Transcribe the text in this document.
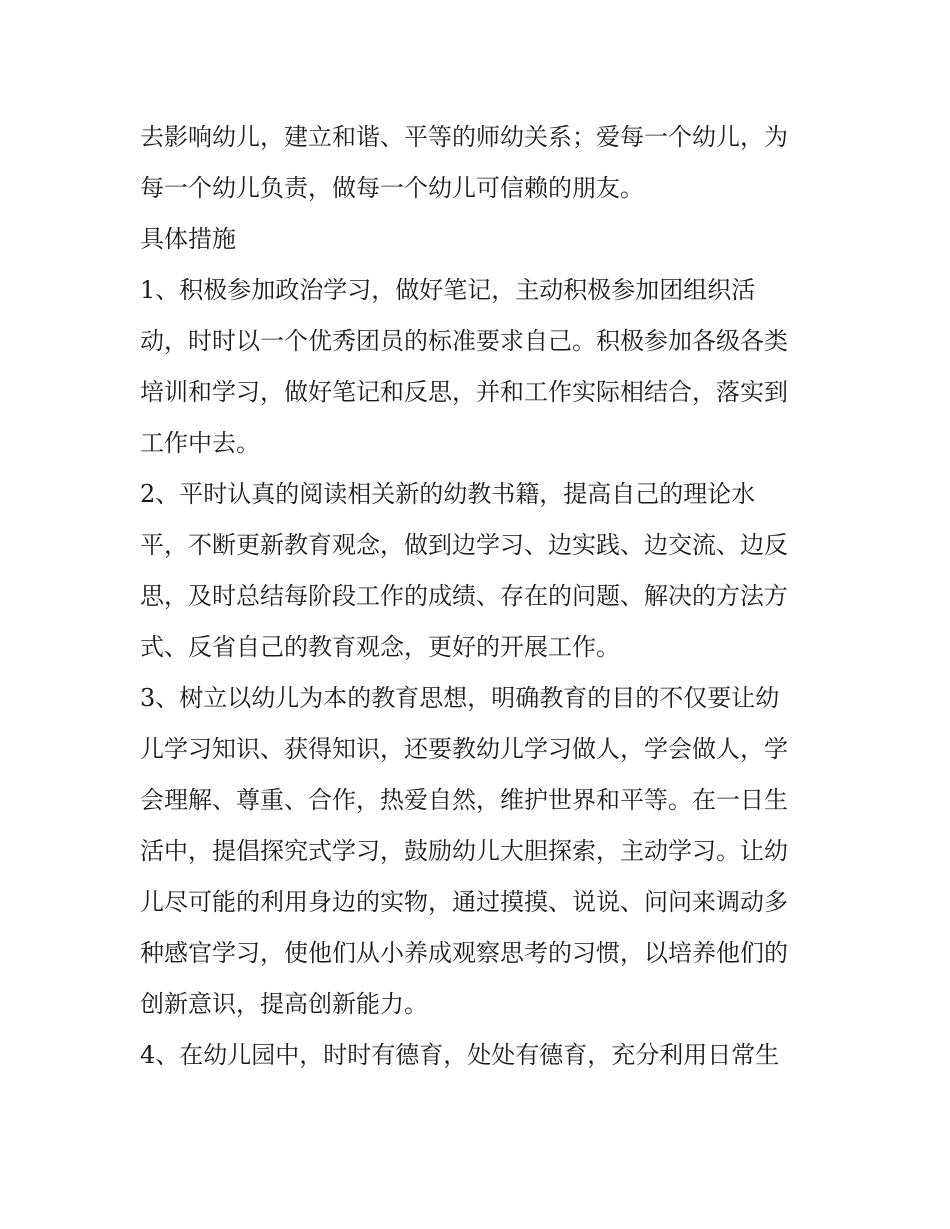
去影响幼儿，建立和谐、平等的师幼关系；爱每一个幼儿，为
每一个幼儿负责，做每一个幼儿可信赖的朋友。
具体措施
1、积极参加政治学习，做好笔记，主动积极参加团组织活
动，时时以一个优秀团员的标准要求自己。积极参加各级各类
培训和学习，做好笔记和反思，并和工作实际相结合，落实到
工作中去。
2、平时认真的阅读相关新的幼教书籍，提高自己的理论水
平，不断更新教育观念，做到边学习、边实践、边交流、边反
思，及时总结每阶段工作的成绩、存在的问题、解决的方法方
式、反省自己的教育观念，更好的开展工作。
3、树立以幼儿为本的教育思想，明确教育的目的不仅要让幼
儿学习知识、获得知识，还要教幼儿学习做人，学会做人，学
会理解、尊重、合作，热爱自然，维护世界和平等。在一日生
活中，提倡探究式学习，鼓励幼儿大胆探索，主动学习。让幼
儿尽可能的利用身边的实物，通过摸摸、说说、问问来调动多
种感官学习，使他们从小养成观察思考的习惯，以培养他们的
创新意识，提高创新能力。
4、在幼儿园中，时时有德育，处处有德育，充分利用日常生
